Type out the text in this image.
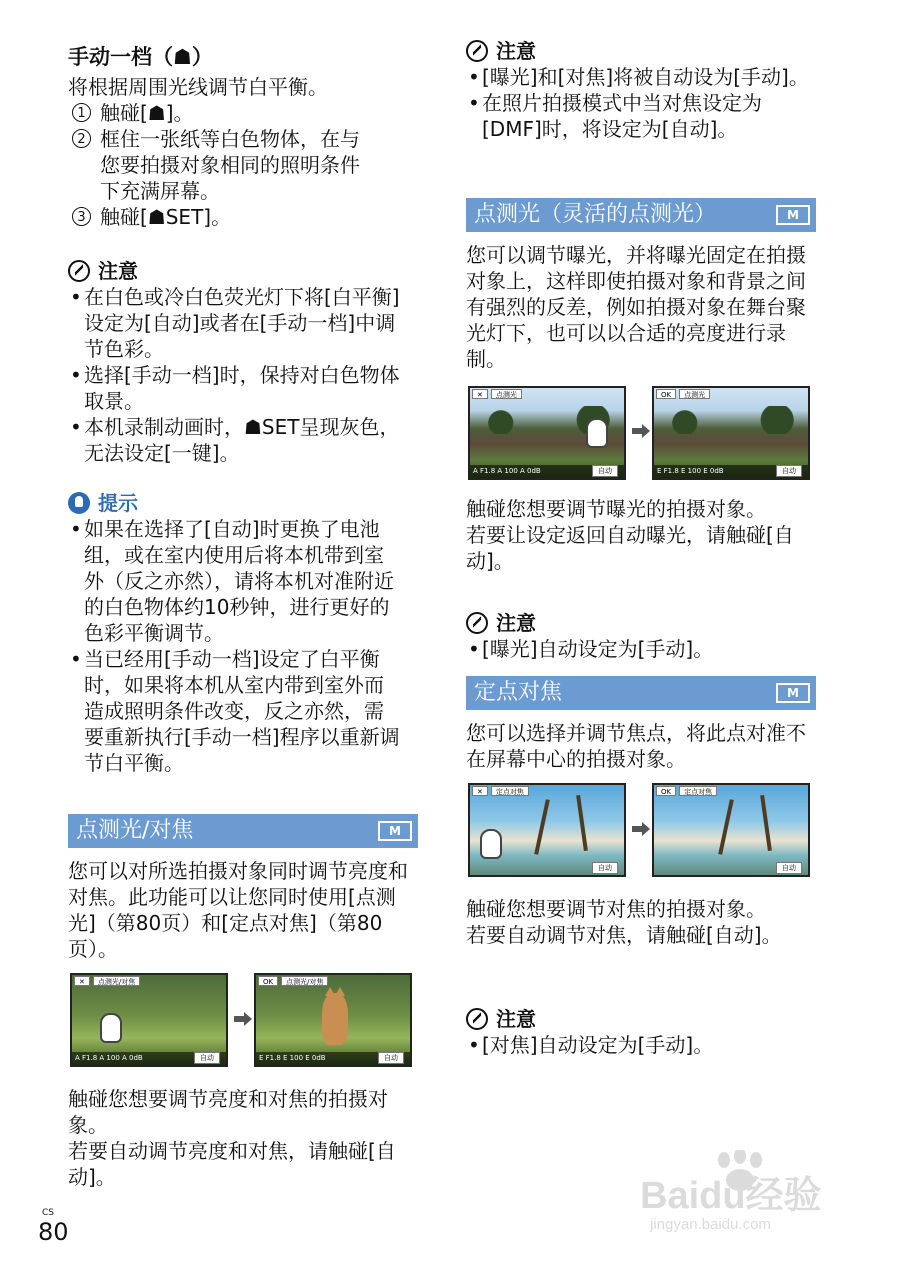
手动一档（☗）
将根据周围光线调节白平衡。
1 触碰[☗]。
2 框住一张纸等白色物体，在与您要拍摄对象相同的照明条件下充满屏幕。
3 触碰[☗SET]。
注意
• 在白色或冷白色荧光灯下将[白平衡]设定为[自动]或者在[手动一档]中调节色彩。
• 选择[手动一档]时，保持对白色物体取景。
• 本机录制动画时，☗SET呈现灰色，无法设定[一键]。
提示
• 如果在选择了[自动]时更换了电池组，或在室内使用后将本机带到室外（反之亦然），请将本机对准附近的白色物体约10秒钟，进行更好的色彩平衡调节。
• 当已经用[手动一档]设定了白平衡时，如果将本机从室内带到室外而造成照明条件改变，反之亦然，需要重新执行[手动一档]程序以重新调节白平衡。
点测光/对焦	M
您可以对所选拍摄对象同时调节亮度和对焦。此功能可以让您同时使用[点测光]（第80页）和[定点对焦]（第80页）。
✕	点测光/对焦
A F1.8 A 100 A 0dB	自动
OK	点测光/对焦
E F1.8 E 100 E 0dB	自动
触碰您想要调节亮度和对焦的拍摄对象。
若要自动调节亮度和对焦，请触碰[自动]。
注意
• [曝光]和[对焦]将被自动设为[手动]。
• 在照片拍摄模式中当对焦设定为[DMF]时，将设定为[自动]。
点测光（灵活的点测光）	M
您可以调节曝光，并将曝光固定在拍摄对象上，这样即使拍摄对象和背景之间有强烈的反差，例如拍摄对象在舞台聚光灯下，也可以以合适的亮度进行录制。
✕	点测光
A F1.8 A 100 A 0dB	自动
OK	点测光
E F1.8 E 100 E 0dB	自动
触碰您想要调节曝光的拍摄对象。
若要让设定返回自动曝光，请触碰[自动]。
注意
• [曝光]自动设定为[手动]。
定点对焦	M
您可以选择并调节焦点，将此点对准不在屏幕中心的拍摄对象。
✕	定点对焦
自动
OK	定点对焦
自动
触碰您想要调节对焦的拍摄对象。
若要自动调节对焦，请触碰[自动]。
注意
• [对焦]自动设定为[手动]。
CS
80
Baidu经验
jingyan.baidu.com
